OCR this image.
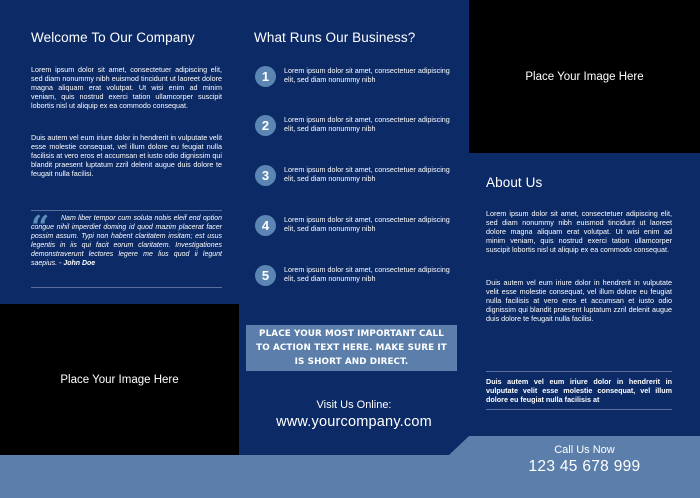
Welcome To Our Company
Lorem ipsum dolor sit amet, consectetuer adipiscing elit, sed diam nonummy nibh euismod tincidunt ut laoreet dolore magna aliquam erat volutpat. Ut wisi enim ad minim veniam, quis nostrud exerci tation ullamcorper suscipit lobortis nisl ut aliquip ex ea commodo consequat.
Duis autem vel eum iriure dolor in hendrerit in vulputate velit esse molestie consequat, vel illum dolore eu feugiat nulla facilisis at vero eros et accumsan et iusto odio dignissim qui blandit praesent luptatum zzril delenit augue duis dolore te feugait nulla facilisi.
“	Nam liber tempor cum soluta nobis eleif end option congue nihil imperdiet doming id quod mazim placerat facer possim assum. Typi non habent claritatem insitam; est usus legentis in iis qui facit eorum claritatem. Investigationes demonstraverunt lectores legere me lius quod ii legunt saepius. - John Doe
Place Your Image Here
What Runs Our Business?
1	Lorem ipsum dolor sit amet, consectetuer adipiscing elit, sed diam nonummy nibh
2	Lorem ipsum dolor sit amet, consectetuer adipiscing elit, sed diam nonummy nibh
3	Lorem ipsum dolor sit amet, consectetuer adipiscing elit, sed diam nonummy nibh
4	Lorem ipsum dolor sit amet, consectetuer adipiscing elit, sed diam nonummy nibh
5	Lorem ipsum dolor sit amet, consectetuer adipiscing elit, sed diam nonummy nibh
PLACE YOUR MOST IMPORTANT CALL TO ACTION TEXT HERE. MAKE SURE IT IS SHORT AND DIRECT.
Visit Us Online:
www.yourcompany.com
Place Your Image Here
About Us
Lorem ipsum dolor sit amet, consectetuer adipiscing elit, sed diam nonummy nibh euismod tincidunt ut laoreet dolore magna aliquam erat volutpat. Ut wisi enim ad minim veniam, quis nostrud exerci tation ullamcorper suscipit lobortis nisl ut aliquip ex ea commodo consequat.
Duis autem vel eum iriure dolor in hendrerit in vulputate velit esse molestie consequat, vel illum dolore eu feugiat nulla facilisis at vero eros et accumsan et iusto odio dignissim qui blandit praesent luptatum zzril delenit augue duis dolore te feugait nulla facilisi.
Duis autem vel eum iriure dolor in hendrerit in vulputate velit esse molestie consequat, vel illum dolore eu feugiat nulla facilisis at
Call Us Now
123 45 678 999
